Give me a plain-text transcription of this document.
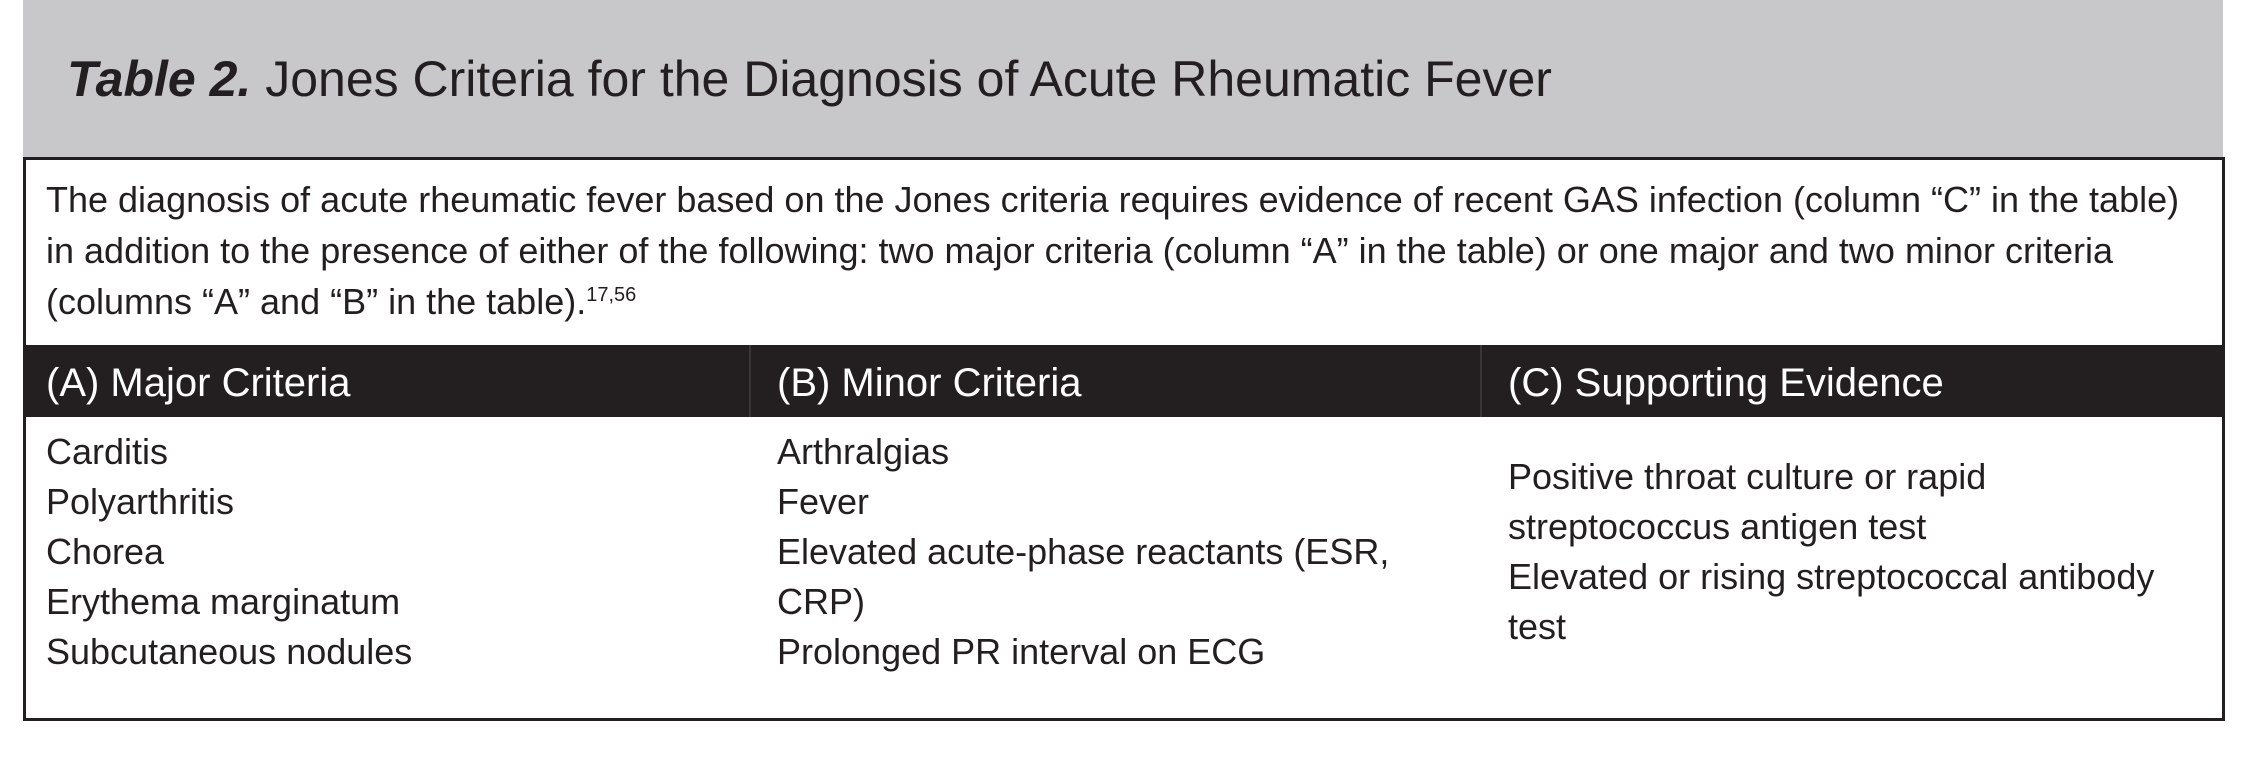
Table 2. Jones Criteria for the Diagnosis of Acute Rheumatic Fever

The diagnosis of acute rheumatic fever based on the Jones criteria requires evidence of recent GAS infection (column “C” in the table) in addition to the presence of either of the following: two major criteria (column “A” in the table) or one major and two minor criteria (columns “A” and “B” in the table).$^{17,56}$

(A) Major Criteria	(B) Minor Criteria	(C) Supporting Evidence
Carditis
Polyarthritis
Chorea
Erythema marginatum
Subcutaneous nodules
Arthralgias
Fever
Elevated acute-phase reactants (ESR, CRP)
Prolonged PR interval on ECG
Positive throat culture or rapid streptococcus antigen test
Elevated or rising streptococcal antibody test
